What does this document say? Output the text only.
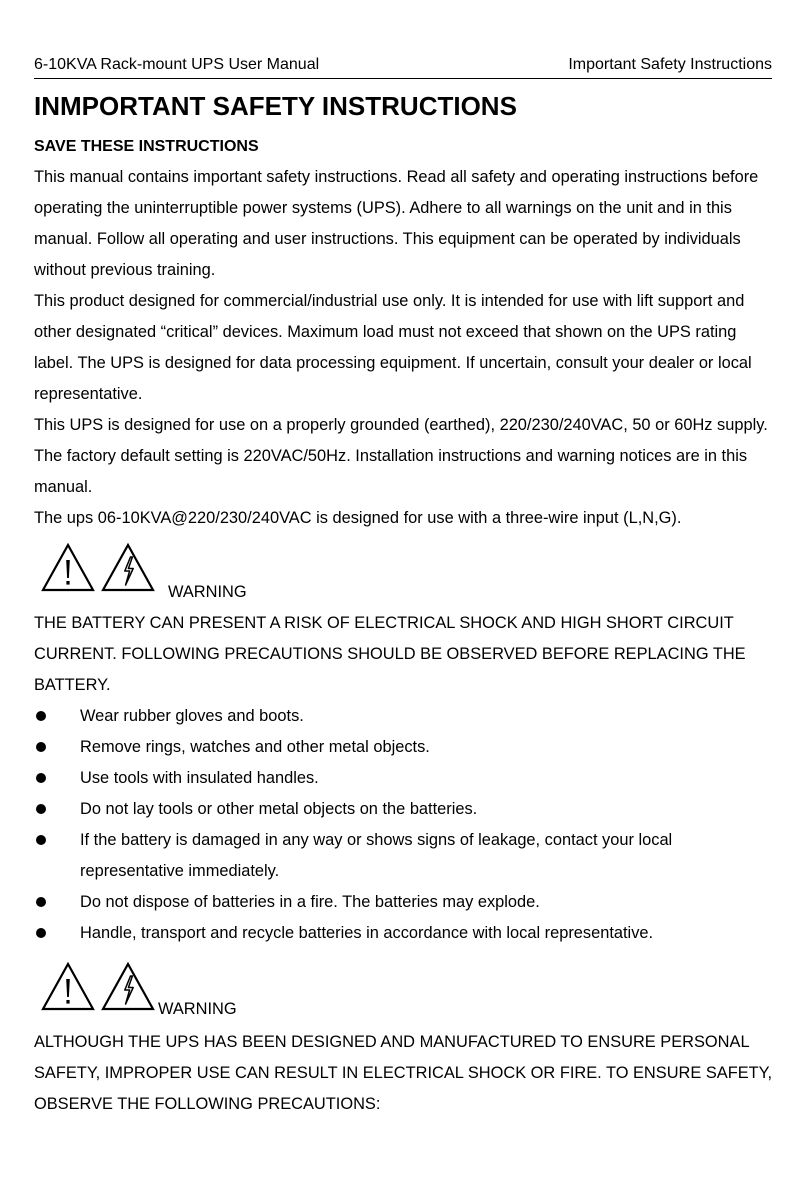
6-10KVA Rack-mount UPS User Manual	Important Safety Instructions
INMPORTANT SAFETY INSTRUCTIONS
SAVE THESE INSTRUCTIONS

This manual contains important safety instructions. Read all safety and operating instructions before operating the uninterruptible power systems (UPS). Adhere to all warnings on the unit and in this manual. Follow all operating and user instructions. This equipment can be operated by individuals without previous training.

This product designed for commercial/industrial use only. It is intended for use with lift support and other designated “critical” devices. Maximum load must not exceed that shown on the UPS rating label. The UPS is designed for data processing equipment. If uncertain, consult your dealer or local representative.

This UPS is designed for use on a properly grounded (earthed), 220/230/240VAC, 50 or 60Hz supply. The factory default setting is 220VAC/50Hz. Installation instructions and warning notices are in this manual.

The ups 06-10KVA@220/230/240VAC is designed for use with a three-wire input (L,N,G).

WARNING

THE BATTERY CAN PRESENT A RISK OF ELECTRICAL SHOCK AND HIGH SHORT CIRCUIT CURRENT. FOLLOWING PRECAUTIONS SHOULD BE OBSERVED BEFORE REPLACING THE BATTERY.

Wear rubber gloves and boots.
Remove rings, watches and other metal objects.
Use tools with insulated handles.
Do not lay tools or other metal objects on the batteries.
If the battery is damaged in any way or shows signs of leakage, contact your local representative immediately.
Do not dispose of batteries in a fire. The batteries may explode.
Handle, transport and recycle batteries in accordance with local representative.
WARNING

ALTHOUGH THE UPS HAS BEEN DESIGNED AND MANUFACTURED TO ENSURE PERSONAL SAFETY, IMPROPER USE CAN RESULT IN ELECTRICAL SHOCK OR FIRE. TO ENSURE SAFETY, OBSERVE THE FOLLOWING PRECAUTIONS:
